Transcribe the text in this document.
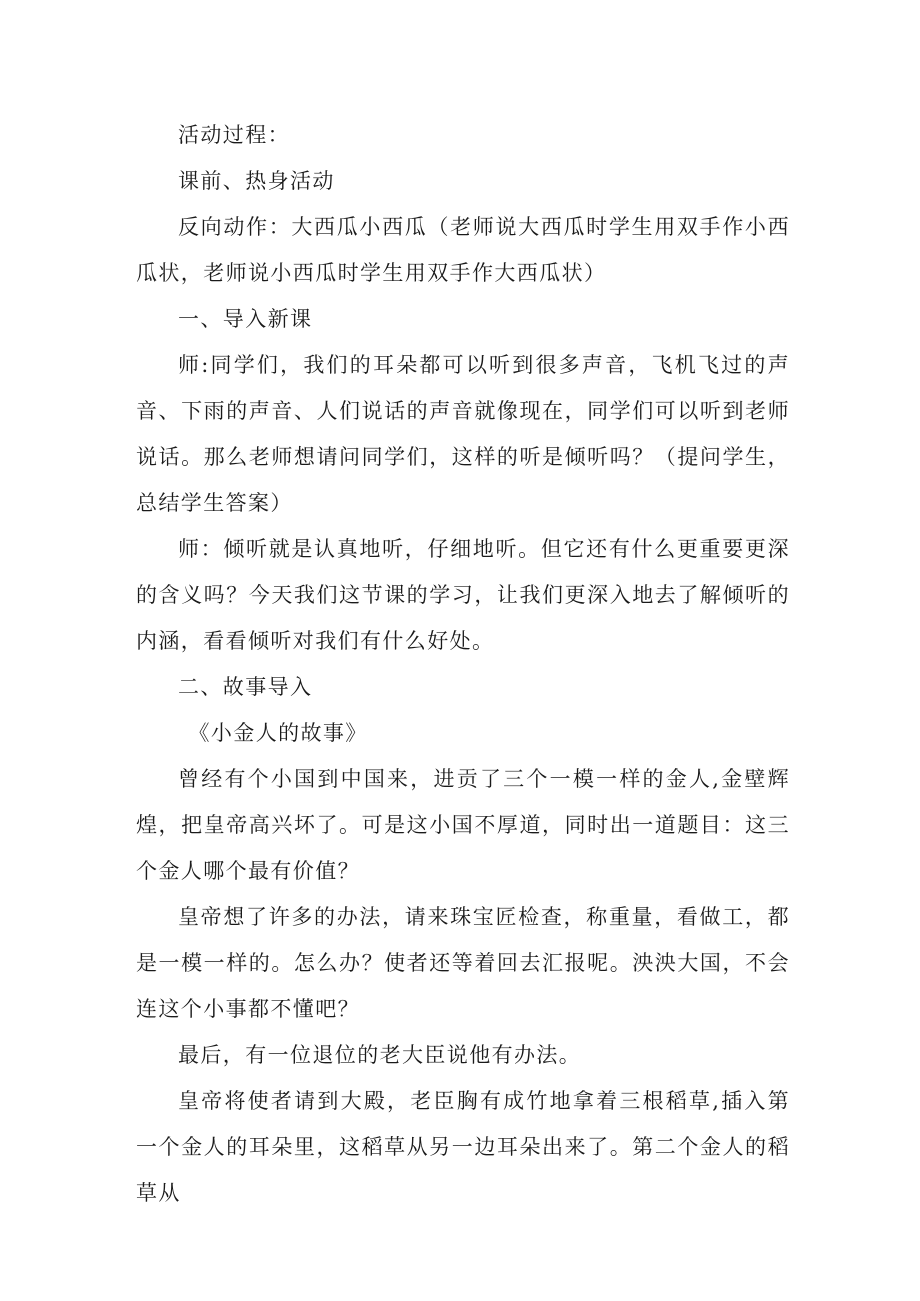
活动过程：

课前、热身活动

反向动作：大西瓜小西瓜（老师说大西瓜时学生用双手作小西瓜状，老师说小西瓜时学生用双手作大西瓜状）

一、导入新课

师:同学们，我们的耳朵都可以听到很多声音，飞机飞过的声音、下雨的声音、人们说话的声音就像现在，同学们可以听到老师说话。那么老师想请问同学们，这样的听是倾听吗？（提问学生，总结学生答案）

师：倾听就是认真地听，仔细地听。但它还有什么更重要更深的含义吗？今天我们这节课的学习，让我们更深入地去了解倾听的内涵，看看倾听对我们有什么好处。

二、故事导入

《小金人的故事》

曾经有个小国到中国来，进贡了三个一模一样的金人,金壁辉煌，把皇帝高兴坏了。可是这小国不厚道，同时出一道题目：这三个金人哪个最有价值？

皇帝想了许多的办法，请来珠宝匠检查，称重量，看做工，都是一模一样的。怎么办？使者还等着回去汇报呢。泱泱大国，不会连这个小事都不懂吧？

最后，有一位退位的老大臣说他有办法。

皇帝将使者请到大殿，老臣胸有成竹地拿着三根稻草,插入第一个金人的耳朵里，这稻草从另一边耳朵出来了。第二个金人的稻草从
